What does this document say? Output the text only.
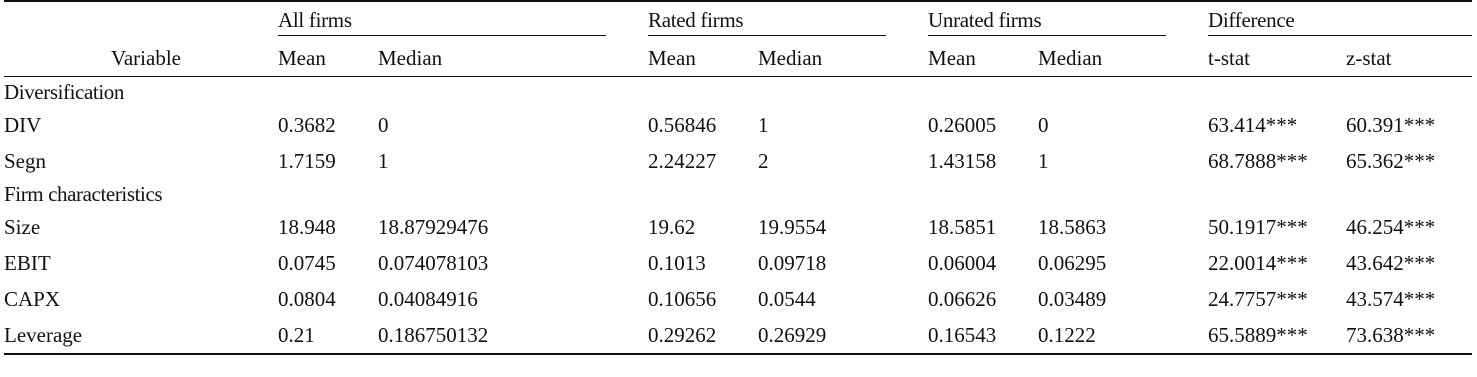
	All firms		Rated firms		Unrated firms		Difference	

Variable	Mean	Median	Mean	Median	Mean	Median	t-stat	z-stat
Diversification								
DIV	0.3682	0	0.56846	1	0.26005	0	63.414***	60.391***
Segn	1.7159	1	2.24227	2	1.43158	1	68.7888***	65.362***
Firm characteristics								
Size	18.948	18.87929476	19.62	19.9554	18.5851	18.5863	50.1917***	46.254***
EBIT	0.0745	0.074078103	0.1013	0.09718	0.06004	0.06295	22.0014***	43.642***
CAPX	0.0804	0.04084916	0.10656	0.0544	0.06626	0.03489	24.7757***	43.574***
Leverage	0.21	0.186750132	0.29262	0.26929	0.16543	0.1222	65.5889***	73.638***
